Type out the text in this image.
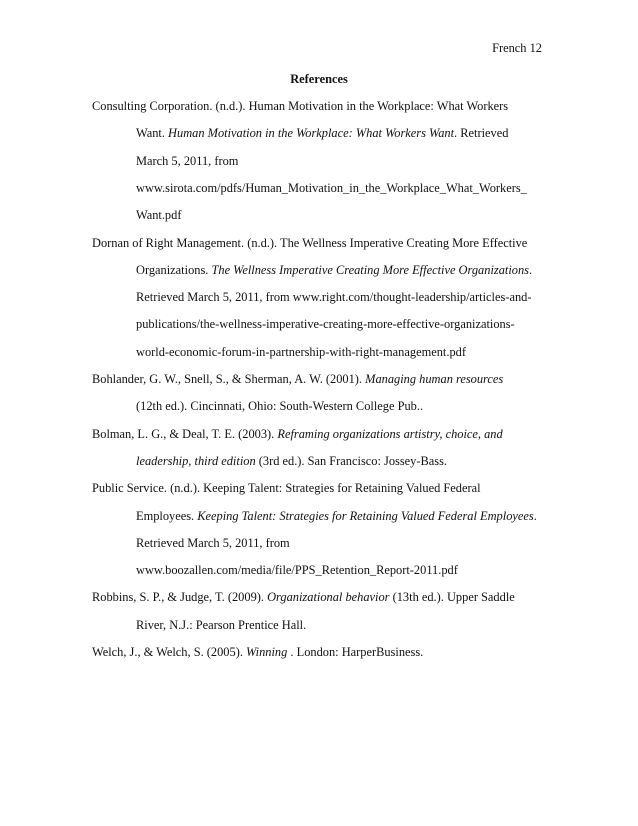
French 12
References
Consulting Corporation. (n.d.). Human Motivation in the Workplace: What Workers
Want. Human Motivation in the Workplace: What Workers Want. Retrieved
March 5, 2011, from
www.sirota.com/pdfs/Human_Motivation_in_the_Workplace_What_Workers_
Want.pdf
Dornan of Right Management. (n.d.). The Wellness Imperative Creating More Effective
Organizations. The Wellness Imperative Creating More Effective Organizations.
Retrieved March 5, 2011, from www.right.com/thought-leadership/articles-and-
publications/the-wellness-imperative-creating-more-effective-organizations-
world-economic-forum-in-partnership-with-right-management.pdf
Bohlander, G. W., Snell, S., & Sherman, A. W. (2001). Managing human resources
(12th ed.). Cincinnati, Ohio: South-Western College Pub..
Bolman, L. G., & Deal, T. E. (2003). Reframing organizations artistry, choice, and
leadership, third edition (3rd ed.). San Francisco: Jossey-Bass.
Public Service. (n.d.). Keeping Talent: Strategies for Retaining Valued Federal
Employees. Keeping Talent: Strategies for Retaining Valued Federal Employees.
Retrieved March 5, 2011, from
www.boozallen.com/media/file/PPS_Retention_Report-2011.pdf
Robbins, S. P., & Judge, T. (2009). Organizational behavior (13th ed.). Upper Saddle
River, N.J.: Pearson Prentice Hall.
Welch, J., & Welch, S. (2005). Winning . London: HarperBusiness.
